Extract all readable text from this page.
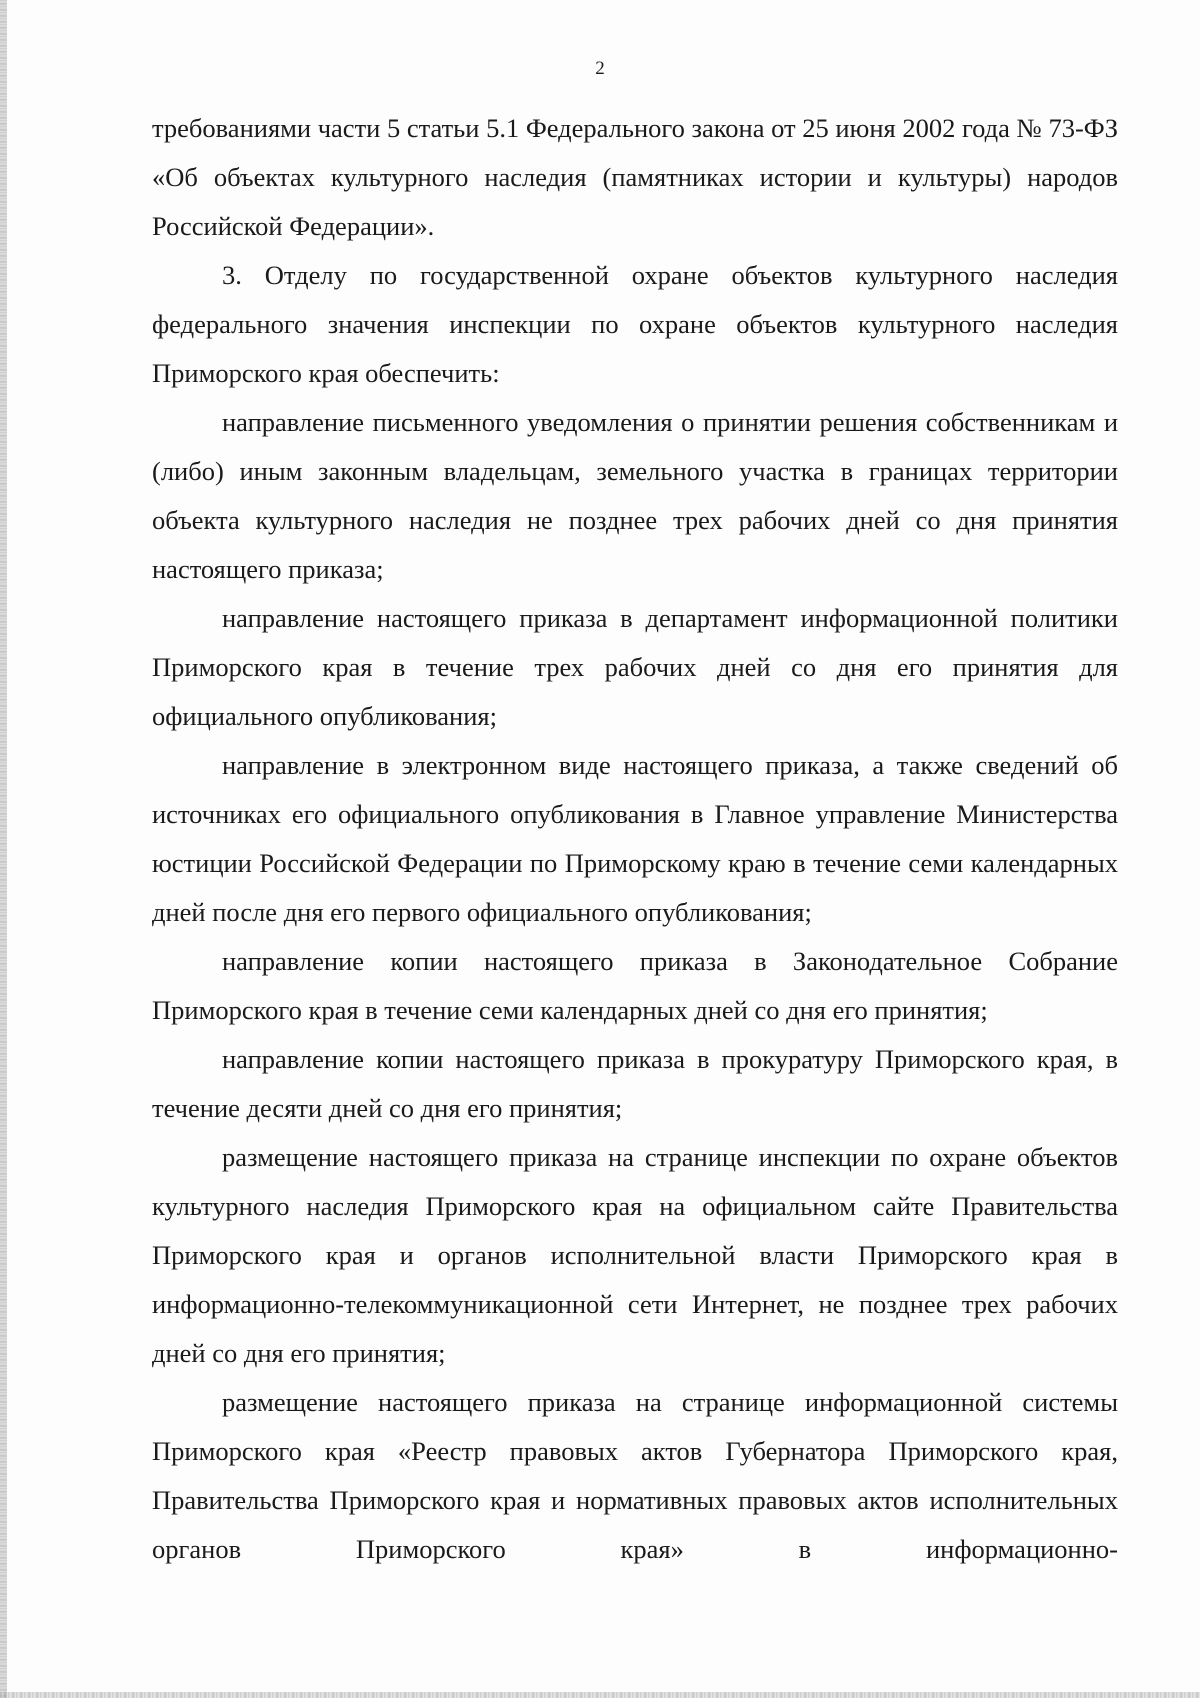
2

требованиями части 5 статьи 5.1 Федерального закона от 25 июня 2002 года № 73-ФЗ «Об объектах культурного наследия (памятниках истории и культуры) народов Российской Федерации».

3. Отделу по государственной охране объектов культурного наследия федерального значения инспекции по охране объектов культурного наследия Приморского края обеспечить:

направление письменного уведомления о принятии решения собственникам и (либо) иным законным владельцам, земельного участка в границах территории объекта культурного наследия не позднее трех рабочих дней со дня принятия настоящего приказа;

направление настоящего приказа в департамент информационной политики Приморского края в течение трех рабочих дней со дня его принятия для официального опубликования;

направление в электронном виде настоящего приказа, а также сведений об источниках его официального опубликования в Главное управление Министерства юстиции Российской Федерации по Приморскому краю в течение семи календарных дней после дня его первого официального опубликования;

направление копии настоящего приказа в Законодательное Собрание Приморского края в течение семи календарных дней со дня его принятия;

направление копии настоящего приказа в прокуратуру Приморского края, в течение десяти дней со дня его принятия;

размещение настоящего приказа на странице инспекции по охране объектов культурного наследия Приморского края на официальном сайте Правительства Приморского края и органов исполнительной власти Приморского края в информационно-телекоммуникационной сети Интернет, не позднее трех рабочих дней со дня его принятия;

размещение настоящего приказа на странице информационной системы Приморского края «Реестр правовых актов Губернатора Приморского края, Правительства Приморского края и нормативных правовых актов исполнительных органов Приморского края» в информационно-
